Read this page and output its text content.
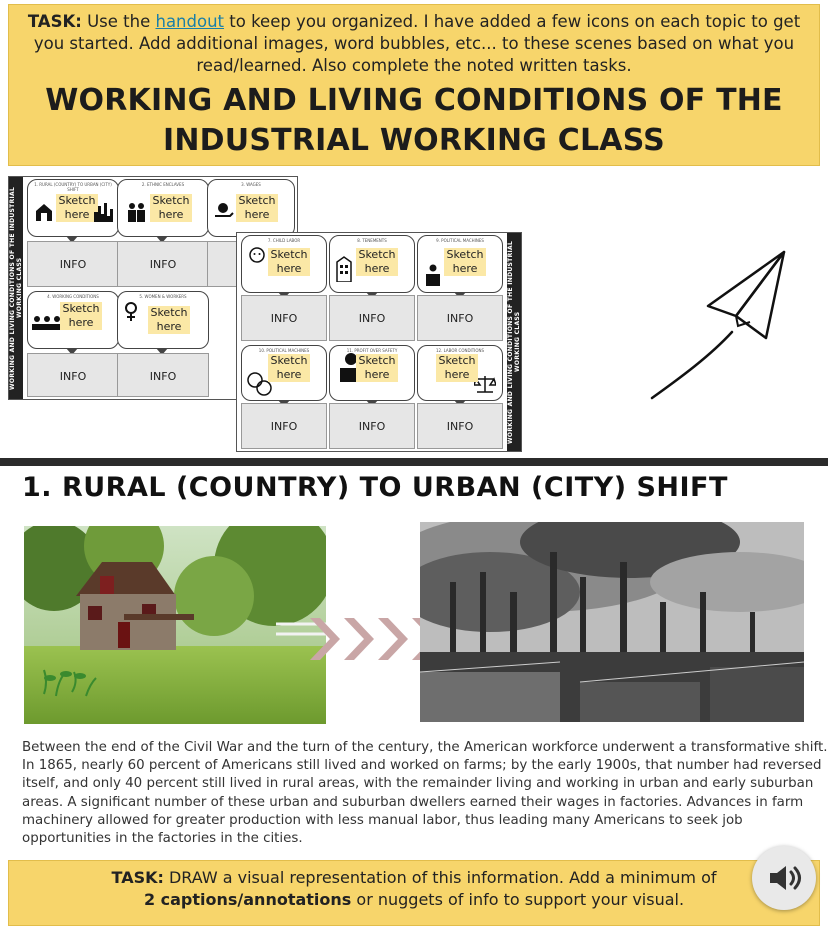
TASK: Use the handout to keep you organized. I have added a few icons on each topic to get you started. Add additional images, word bubbles, etc... to these scenes based on what you read/learned. Also complete the noted written tasks.
WORKING AND LIVING CONDITIONS OF THE
INDUSTRIAL WORKING CLASS
WORKING AND LIVING CONDITIONS OF THE INDUSTRIAL WORKING CLASS
1. RURAL (COUNTRY) TO URBAN (CITY) SHIFT
Sketch here
2. ETHNIC ENCLAVES
Sketch here
3. WAGES
Sketch here
INFO	INFO
4. WORKING CONDITIONS
Sketch here
5. WOMEN & WORKERS
Sketch here
INFO	INFO	WORKING AND LIVING CONDITIONS OF THE INDUSTRIAL WORKING CLASS
7. CHILD LABOR
Sketch here
8. TENEMENTS
Sketch here
9. POLITICAL MACHINES
Sketch here
INFO	INFO	INFO
10. POLITICAL MACHINES
Sketch here
11. PROFIT OVER SAFETY
Sketch here
12. LABOR CONDITIONS
Sketch here
INFO	INFO	INFO
1. RURAL (COUNTRY) TO URBAN (CITY) SHIFT
Between the end of the Civil War and the turn of the century, the American workforce underwent a transformative shift. In 1865, nearly 60 percent of Americans still lived and worked on farms; by the early 1900s, that number had reversed itself, and only 40 percent still lived in rural areas, with the remainder living and working in urban and early suburban areas. A significant number of these urban and suburban dwellers earned their wages in factories. Advances in farm machinery allowed for greater production with less manual labor, thus leading many Americans to seek job opportunities in the factories in the cities.
TASK: DRAW a visual representation of this information. Add a minimum of
2 captions/annotations or nuggets of info to support your visual.
